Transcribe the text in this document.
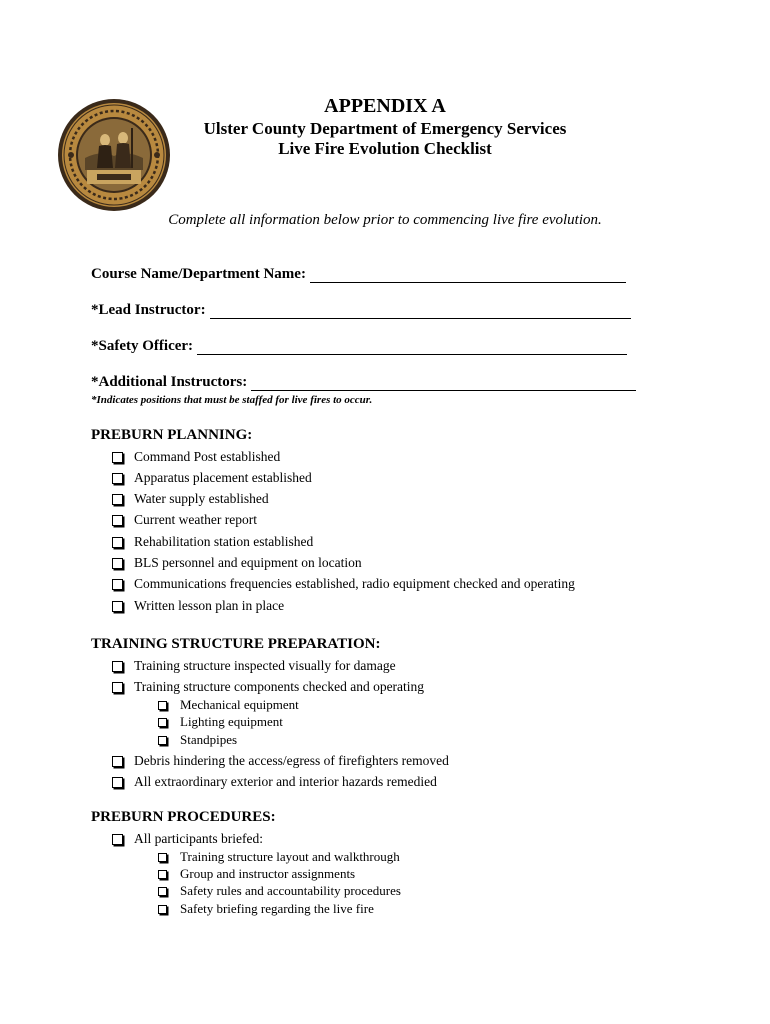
APPENDIX A
Ulster County Department of Emergency Services
Live Fire Evolution Checklist
Complete all information below prior to commencing live fire evolution.
Course Name/Department Name:
*Lead Instructor:
*Safety Officer:
*Additional Instructors:
*Indicates positions that must be staffed for live fires to occur.
PREBURN PLANNING:
Command Post established
Apparatus placement established
Water supply established
Current weather report
Rehabilitation station established
BLS personnel and equipment on location
Communications frequencies established, radio equipment checked and operating
Written lesson plan in place
TRAINING STRUCTURE PREPARATION:
Training structure inspected visually for damage
Training structure components checked and operating
Mechanical equipment
Lighting equipment
Standpipes
Debris hindering the access/egress of firefighters removed
All extraordinary exterior and interior hazards remedied
PREBURN PROCEDURES:
All participants briefed:
Training structure layout and walkthrough
Group and instructor assignments
Safety rules and accountability procedures
Safety briefing regarding the live fire
